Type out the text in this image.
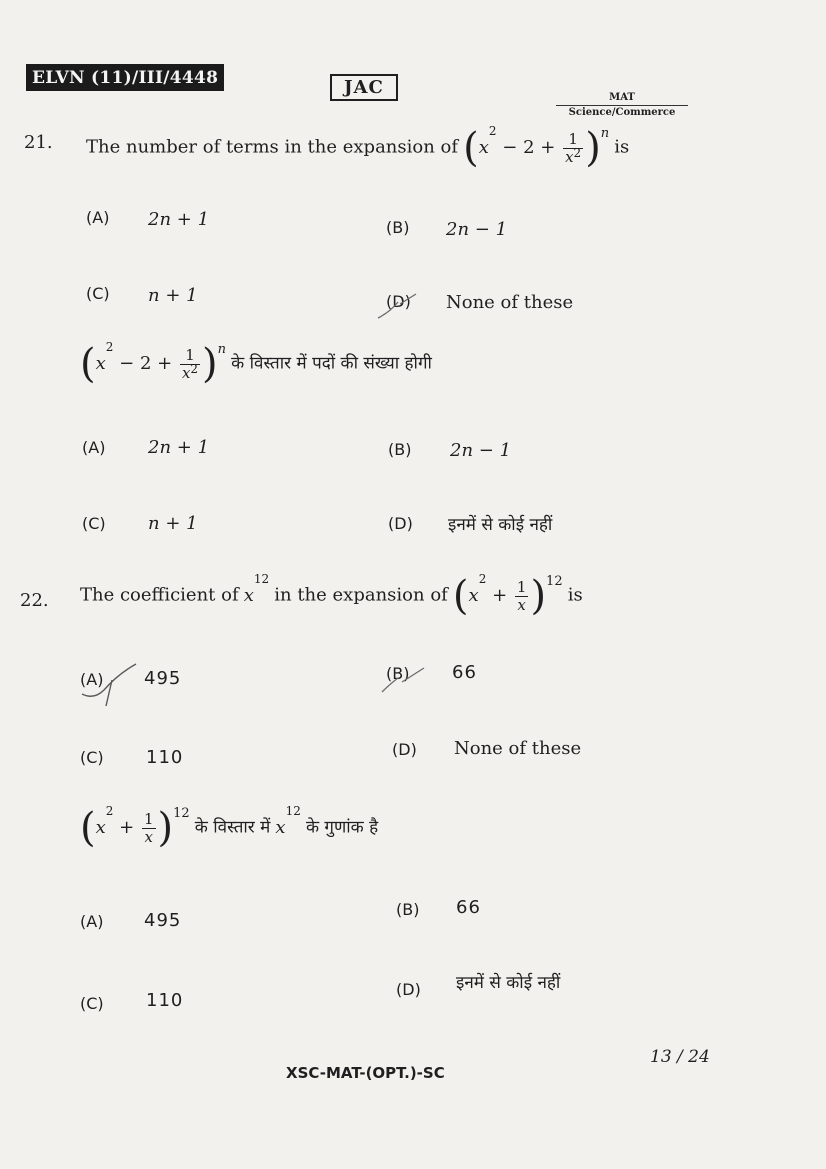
ELVN (11)/III/4448	JAC	MAT
Science/Commerce
21. The number of terms in the expansion of $(x^2 - 2 + \frac{1}{x^2} )^n$ is
(A) 2n + 1	(B) 2n − 1
(C) n + 1	(D) None of these
$(x^2 - 2 + \frac{1}{x^2} )^n$ के विस्तार में पदों की संख्या होगी
(A) 2n + 1	(B) 2n − 1
(C) n + 1	(D) इनमें से कोई नहीं
22. The coefficient of $x^{12}$ in the expansion of $(x^2 + \frac{1}{x} )^{12}$ is
(A) 495	(B) 66
(C) 110	(D) None of these
$(x^2 + \frac{1}{x} )^{12}$ के विस्तार में $x^{12}$ के गुणांक है
(A) 495
(B) 66
(C) 110
(D) इनमें से कोई नहीं
XSC-MAT-(OPT.)-SC
13 / 24
